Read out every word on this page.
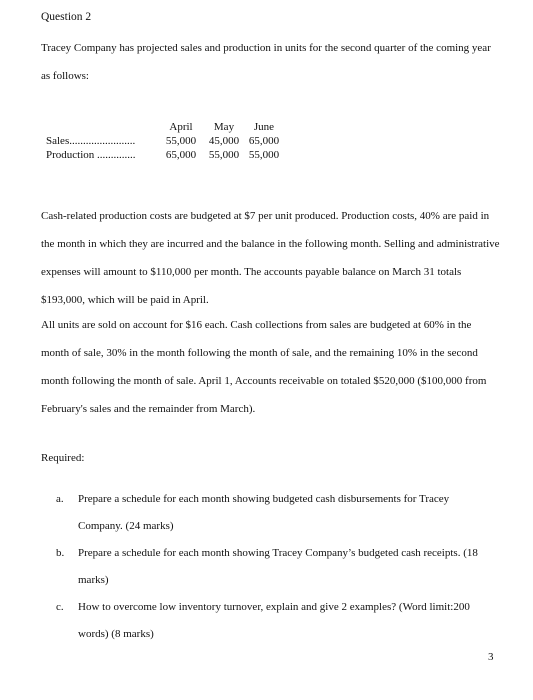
Question 2

Tracey Company has projected sales and production in units for the second quarter of the coming year as follows:

	April	May	June
Sales........................	55,000	45,000	65,000
Production ..............	65,000	55,000	55,000

Cash-related production costs are budgeted at $7 per unit produced. Production costs, 40% are paid in the month in which they are incurred and the balance in the following month. Selling and administrative expenses will amount to $110,000 per month. The accounts payable balance on March 31 totals $193,000, which will be paid in April.

All units are sold on account for $16 each. Cash collections from sales are budgeted at 60% in the month of sale, 30% in the month following the month of sale, and the remaining 10% in the second month following the month of sale. April 1, Accounts receivable on totaled $520,000 ($100,000 from February's sales and the remainder from March).

Required:
a. Prepare a schedule for each month showing budgeted cash disbursements for Tracey Company. (24 marks)
b. Prepare a schedule for each month showing Tracey Company’s budgeted cash receipts. (18 marks)
c. How to overcome low inventory turnover, explain and give 2 examples? (Word limit:200 words) (8 marks)
3
